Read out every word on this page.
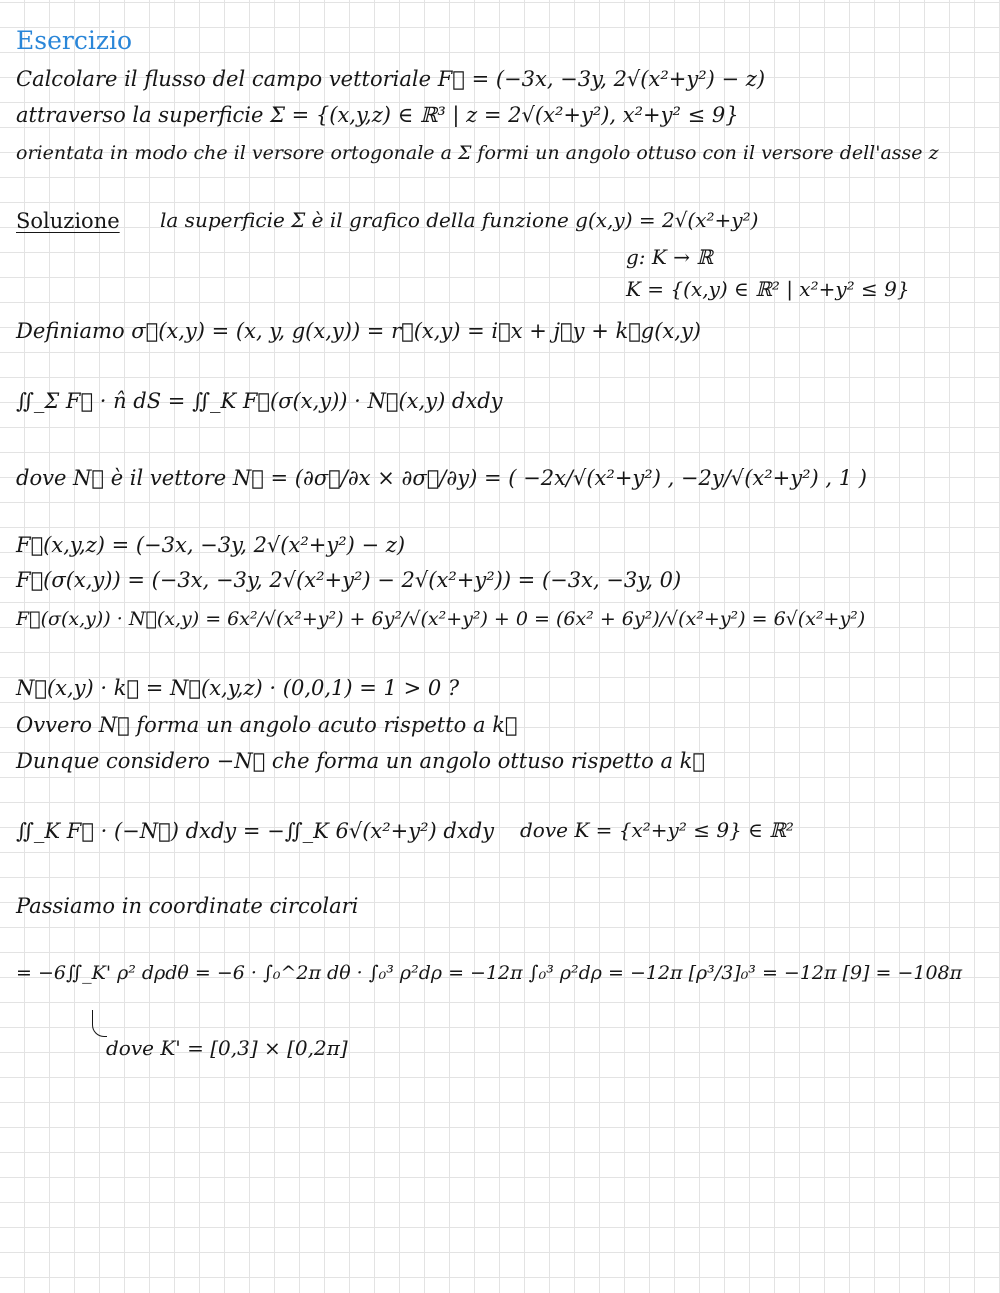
Esercizio
Calcolare il flusso del campo vettoriale F⃗ = (−3x, −3y, 2√(x²+y²) − z)
attraverso la superficie Σ = {(x,y,z) ∈ ℝ³ | z = 2√(x²+y²), x²+y² ≤ 9}
orientata in modo che il versore ortogonale a Σ formi un angolo ottuso con il versore dell'asse z
Soluzione la superficie Σ è il grafico della funzione g(x,y) = 2√(x²+y²)
g: K → ℝ
K = {(x,y) ∈ ℝ² | x²+y² ≤ 9}
Definiamo σ⃗(x,y) = (x, y, g(x,y)) = r⃗(x,y) = i⃗x + j⃗y + k⃗g(x,y)
∬_Σ F⃗ · n̂ dS = ∬_K F⃗(σ(x,y)) · N⃗(x,y) dxdy
dove N⃗ è il vettore N⃗ = (∂σ⃗/∂x × ∂σ⃗/∂y) = ( −2x/√(x²+y²) , −2y/√(x²+y²) , 1 )
F⃗(x,y,z) = (−3x, −3y, 2√(x²+y²) − z)
F⃗(σ(x,y)) = (−3x, −3y, 2√(x²+y²) − 2√(x²+y²)) = (−3x, −3y, 0)
F⃗(σ(x,y)) · N⃗(x,y) = 6x²/√(x²+y²) + 6y²/√(x²+y²) + 0 = (6x² + 6y²)/√(x²+y²) = 6√(x²+y²)
N⃗(x,y) · k⃗ = N⃗(x,y,z) · (0,0,1) = 1 > 0 ?
Ovvero N⃗ forma un angolo acuto rispetto a k⃗
Dunque considero −N⃗ che forma un angolo ottuso rispetto a k⃗
∬_K F⃗ · (−N⃗) dxdy = −∬_K 6√(x²+y²) dxdy dove K = {x²+y² ≤ 9} ∈ ℝ²
Passiamo in coordinate circolari
= −6∬_K' ρ² dρdθ = −6 · ∫₀^2π dθ · ∫₀³ ρ²dρ = −12π ∫₀³ ρ²dρ = −12π [ρ³/3]₀³ = −12π [9] = −108π
dove K' = [0,3] × [0,2π]
